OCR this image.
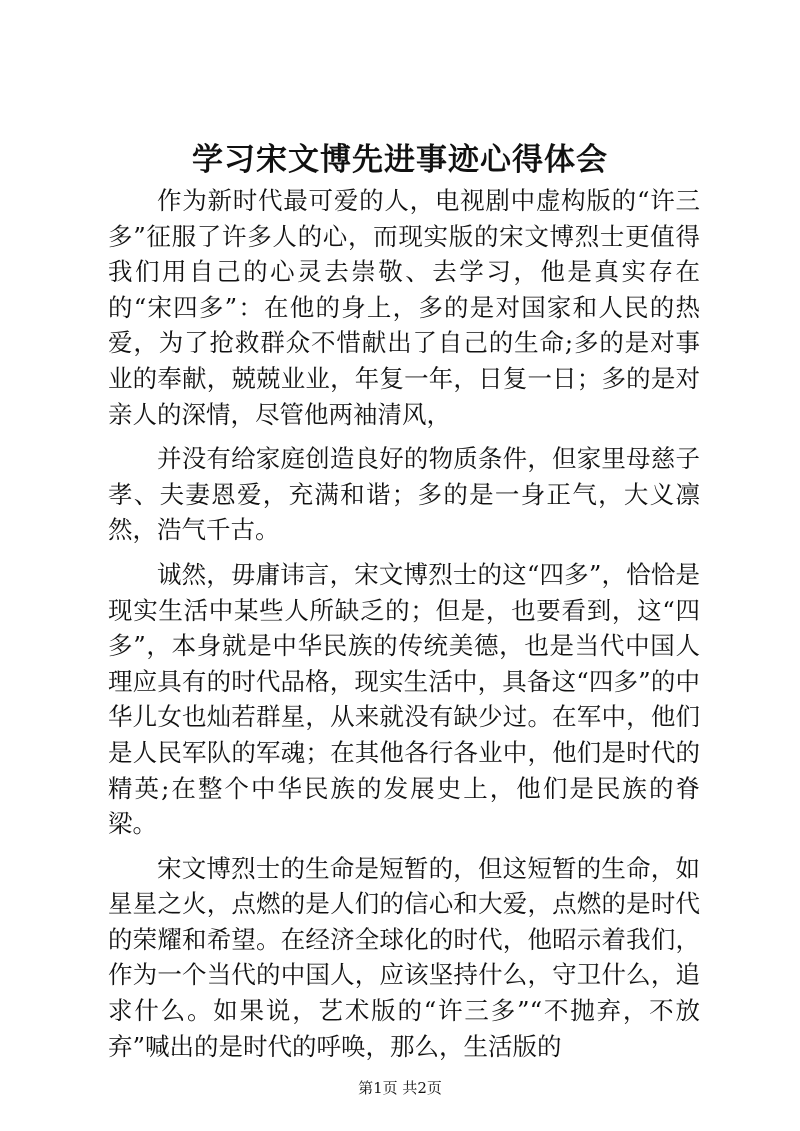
学习宋文博先进事迹心得体会

作为新时代最可爱的人，电视剧中虚构版的“许三多”征服了许多人的心，而现实版的宋文博烈士更值得我们用自己的心灵去崇敬、去学习，他是真实存在的“宋四多”：在他的身上，多的是对国家和人民的热爱，为了抢救群众不惜献出了自己的生命;多的是对事业的奉献，兢兢业业，年复一年，日复一日；多的是对亲人的深情，尽管他两袖清风，

并没有给家庭创造良好的物质条件，但家里母慈子孝、夫妻恩爱，充满和谐；多的是一身正气，大义凛然，浩气千古。

诚然，毋庸讳言，宋文博烈士的这“四多”，恰恰是现实生活中某些人所缺乏的；但是，也要看到，这“四多”，本身就是中华民族的传统美德，也是当代中国人理应具有的时代品格，现实生活中，具备这“四多”的中华儿女也灿若群星，从来就没有缺少过。在军中，他们是人民军队的军魂；在其他各行各业中，他们是时代的精英;在整个中华民族的发展史上，他们是民族的脊梁。

宋文博烈士的生命是短暂的，但这短暂的生命，如星星之火，点燃的是人们的信心和大爱，点燃的是时代的荣耀和希望。在经济全球化的时代，他昭示着我们，作为一个当代的中国人，应该坚持什么，守卫什么，追求什么。如果说，艺术版的“许三多”“不抛弃，不放弃”喊出的是时代的呼唤，那么，生活版的

第1页 共2页
